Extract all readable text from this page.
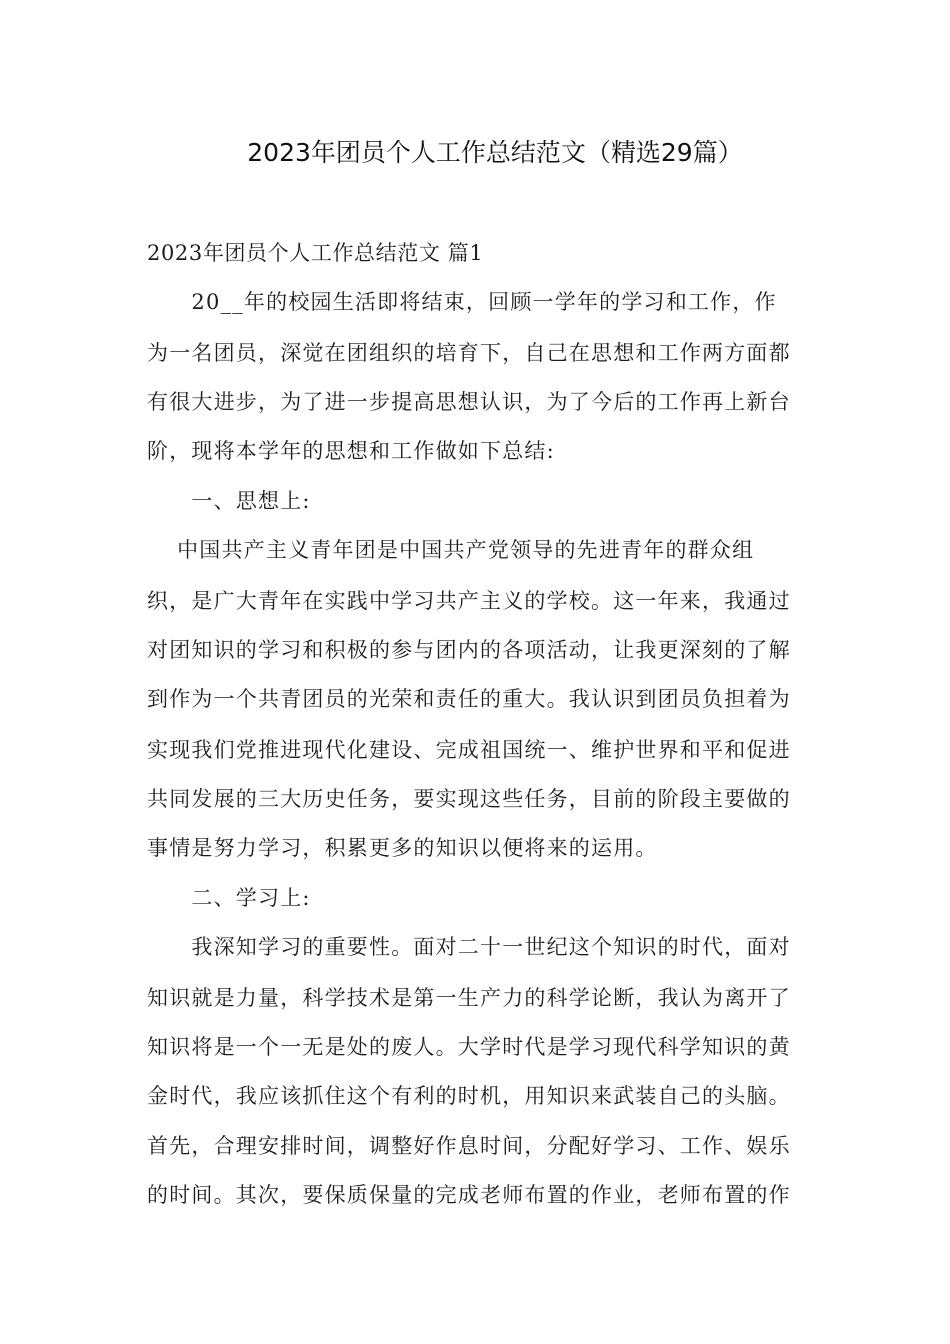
2023年团员个人工作总结范文（精选29篇）
2023年团员个人工作总结范文 篇1
　　20__年的校园生活即将结束，回顾一学年的学习和工作，作
为一名团员，深觉在团组织的培育下，自己在思想和工作两方面都
有很大进步，为了进一步提高思想认识，为了今后的工作再上新台
阶，现将本学年的思想和工作做如下总结:
　　一、思想上:
　 中国共产主义青年团是中国共产党领导的先进青年的群众组
织，是广大青年在实践中学习共产主义的学校。这一年来，我通过
对团知识的学习和积极的参与团内的各项活动，让我更深刻的了解
到作为一个共青团员的光荣和责任的重大。我认识到团员负担着为
实现我们党推进现代化建设、完成祖国统一、维护世界和平和促进
共同发展的三大历史任务，要实现这些任务，目前的阶段主要做的
事情是努力学习，积累更多的知识以便将来的运用。
　　二、学习上:
　　我深知学习的重要性。面对二十一世纪这个知识的时代，面对
知识就是力量，科学技术是第一生产力的科学论断，我认为离开了
知识将是一个一无是处的废人。大学时代是学习现代科学知识的黄
金时代，我应该抓住这个有利的时机，用知识来武装自己的头脑。
首先，合理安排时间，调整好作息时间，分配好学习、工作、娱乐
的时间。其次，要保质保量的完成老师布置的作业，老师布置的作
